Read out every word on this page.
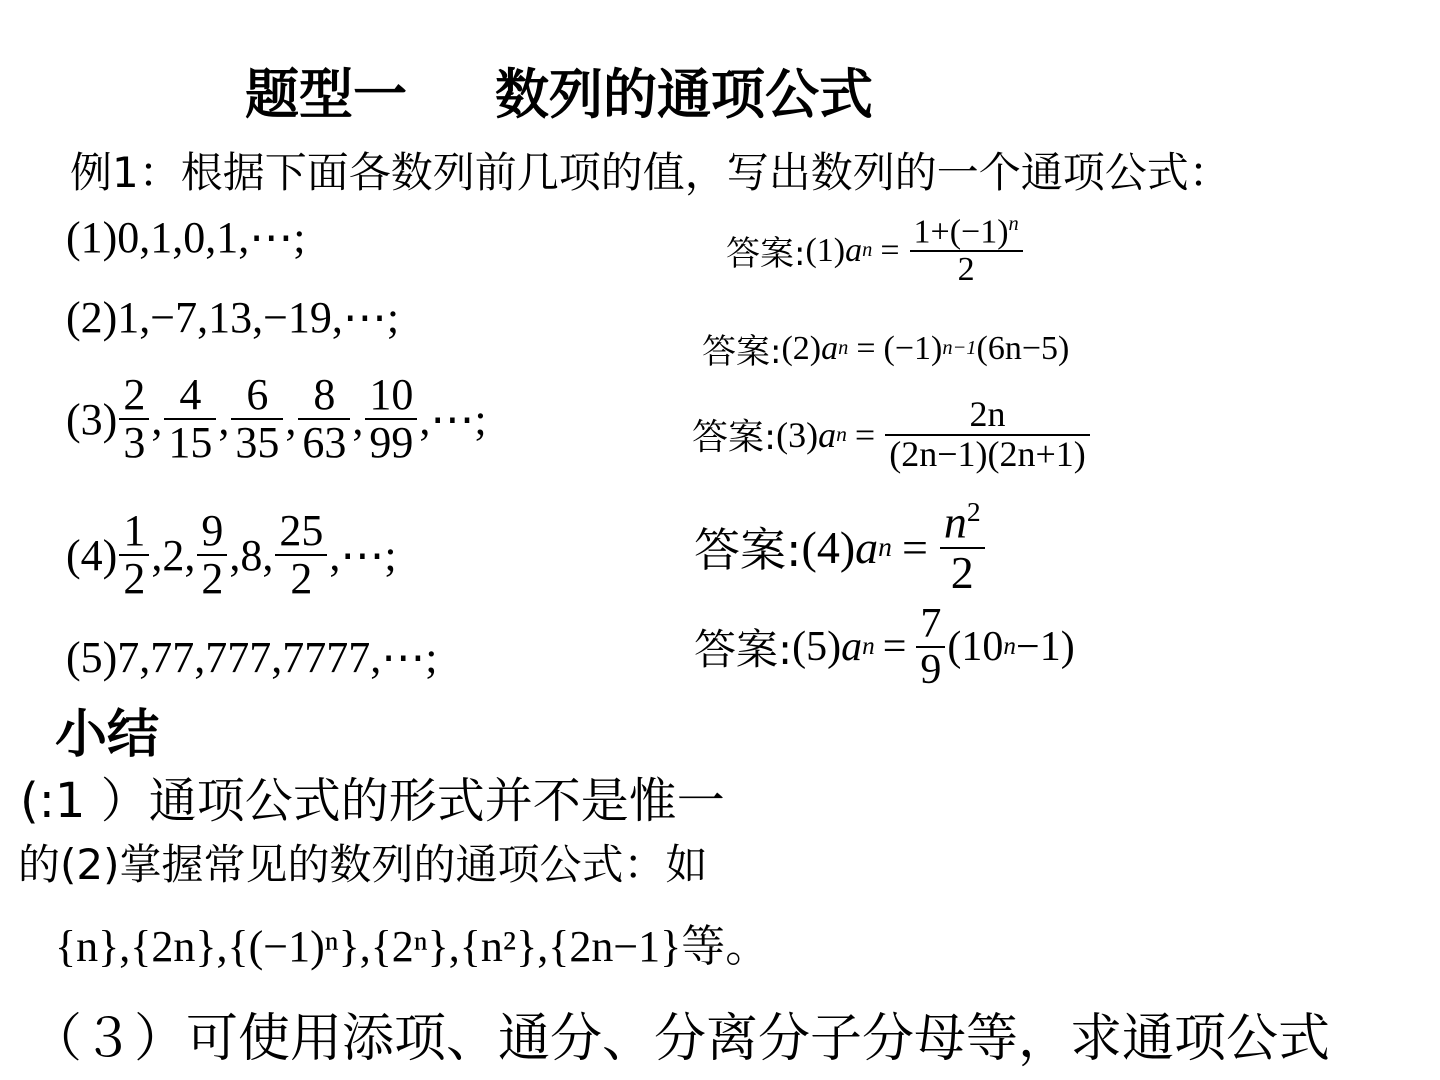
题型一 数列的通项公式
例1：根据下面各数列前几项的值，写出数列的一个通项公式：
(1)0,1,0,1,⋯;
(2)1,−7,13,−19,⋯;
$(3) \frac{2}{3}$ , $\frac{4}{15}$ , $\frac{6}{35}$ , $\frac{8}{63}$ , $\frac{10}{99}$ ,⋯;
$(4) \frac{1}{2} ,2$, $\frac{9}{2} ,8$, $\frac{25}{2}$ ,⋯;
(5)7,77,777,7777,⋯;
答案: (1) a $n = \frac{1+(-1)^n}{2}$
答案: (2) a n = (−1) n−1 (6n−5)
答案: (3) a $n = \frac{2n}{(2n-1)(2n+1)}$
答案: (4) a $n = \frac{n^2}{2}$
答案: (5) a $n = \frac{7}{9} (10$ n −1)
小结
(:1 ）通项公式的形式并不是惟一
的(2)掌握常见的数列的通项公式：如
{n},{2n},{(−1)ⁿ},{2ⁿ},{n²},{2n−1}等。
（３）可使用添项、通分、分离分子分母等，求通项公式
